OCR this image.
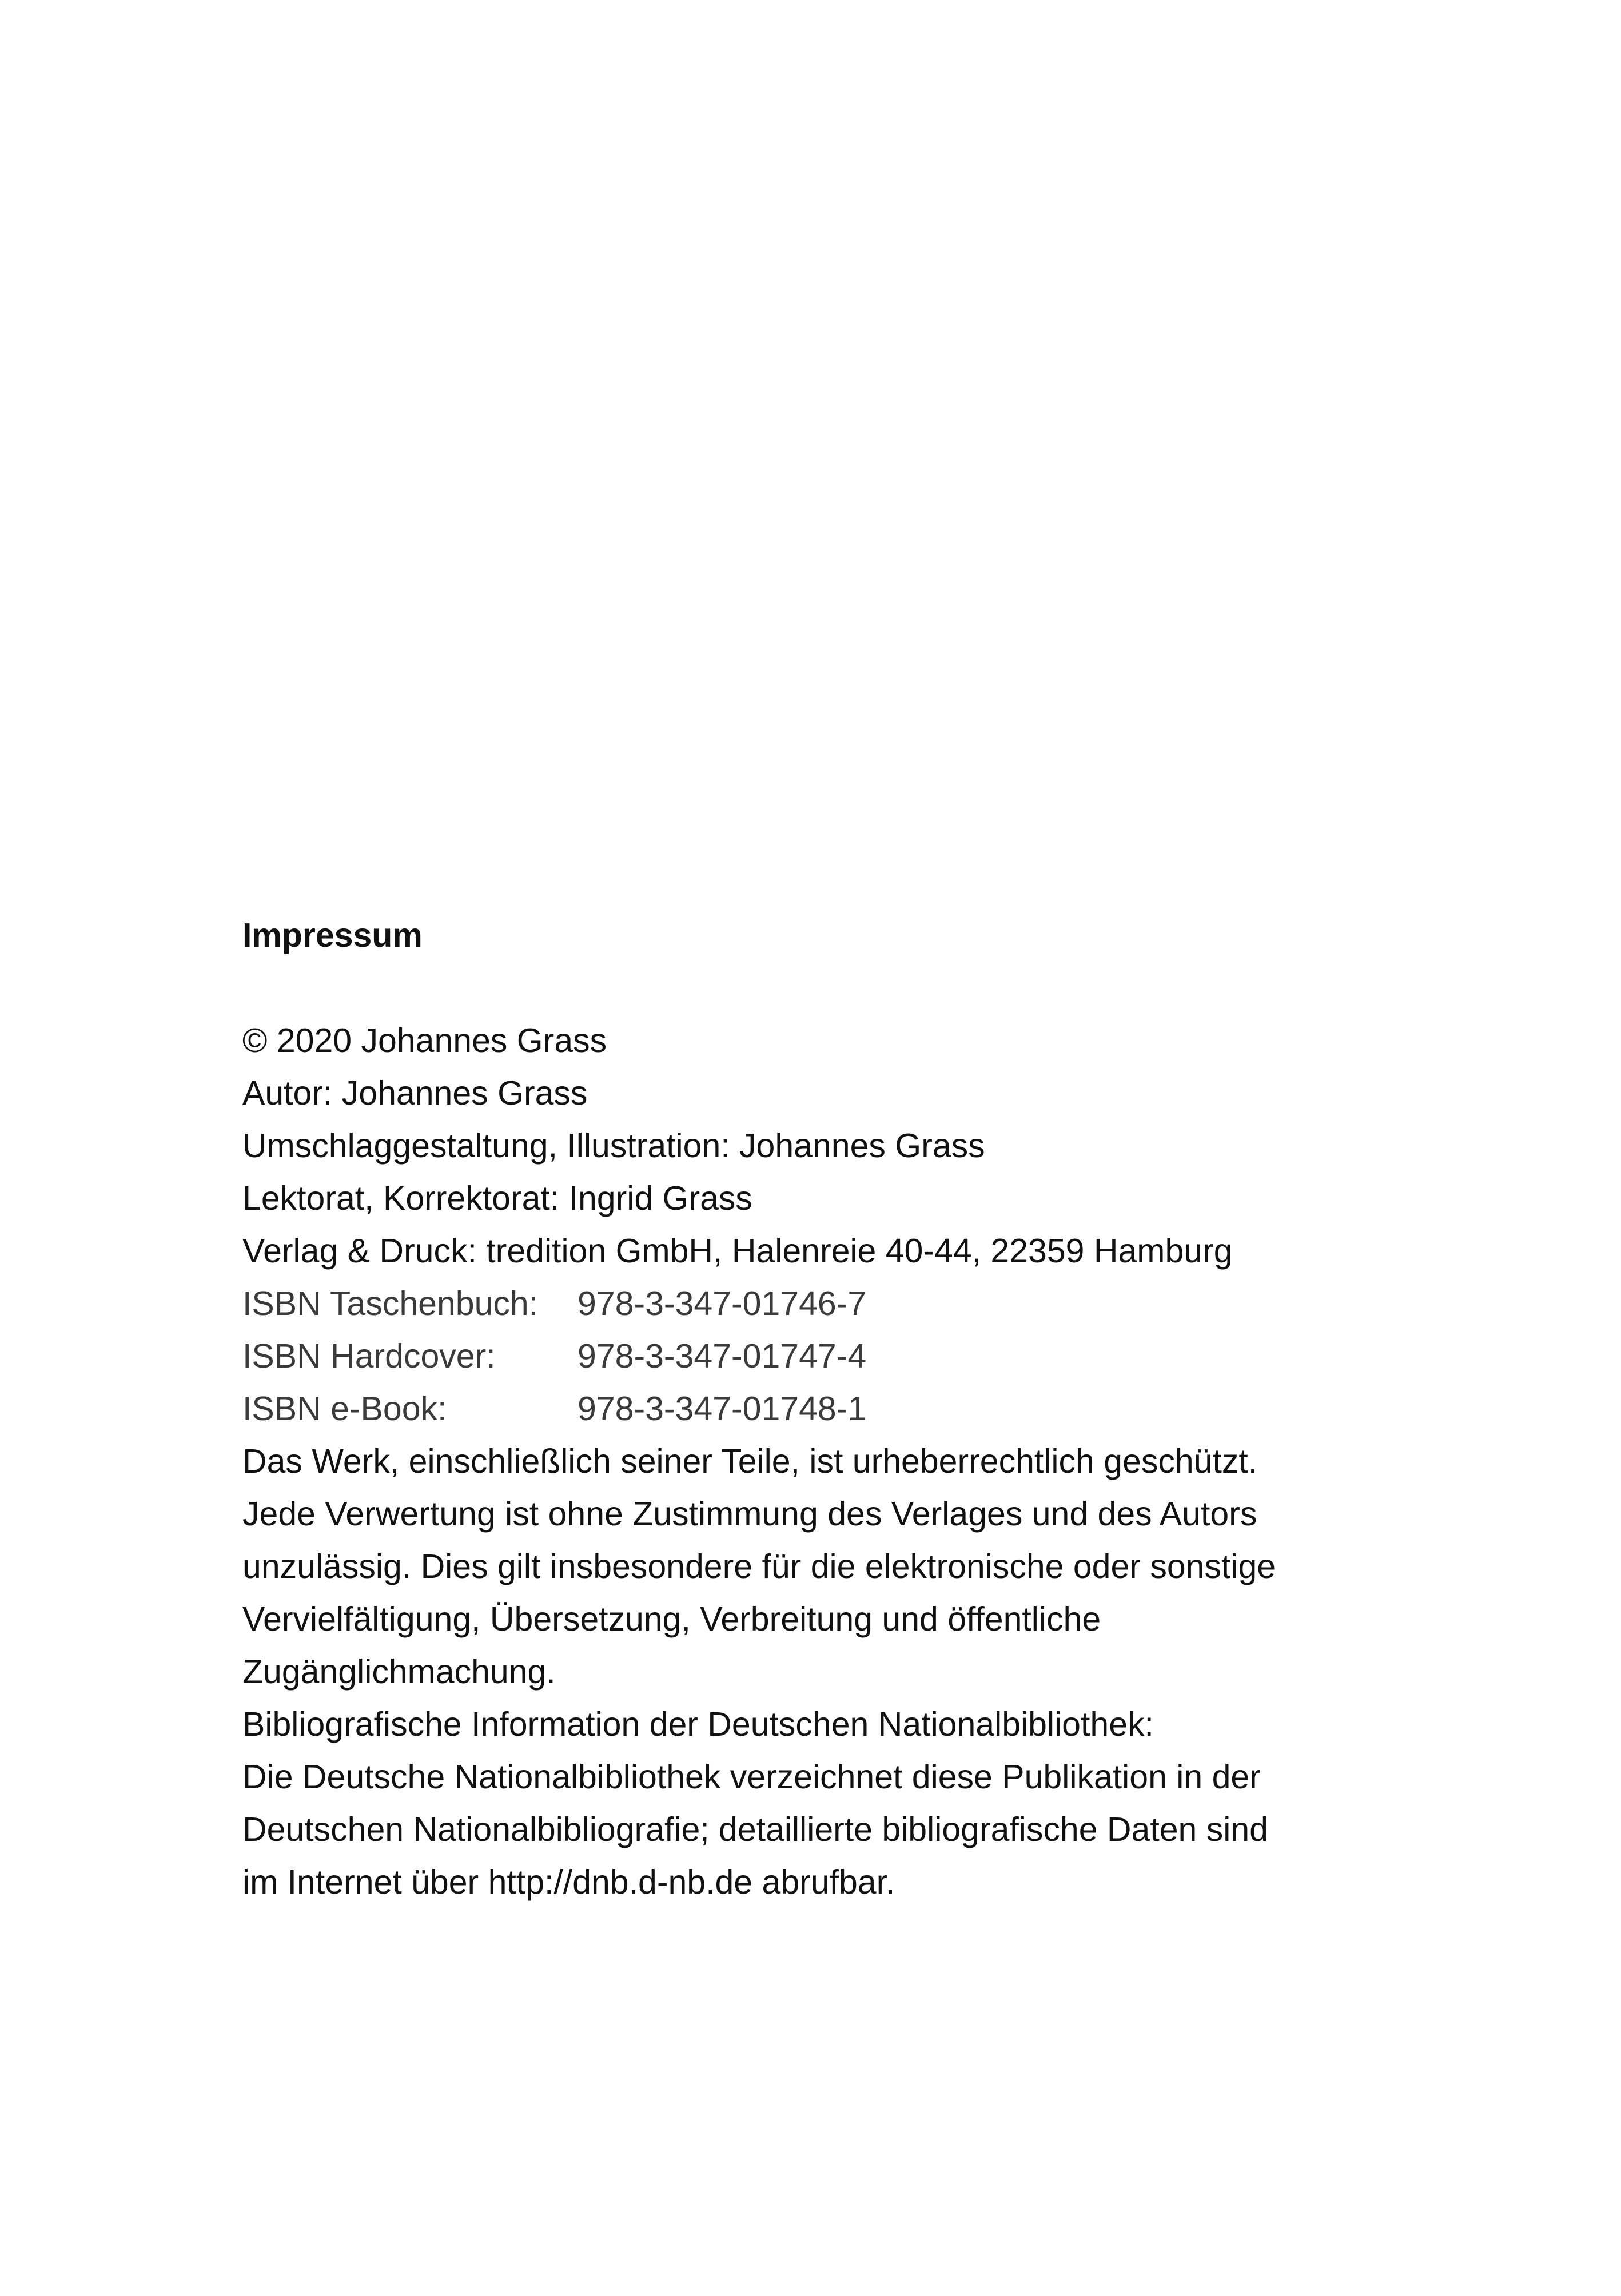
Impressum

© 2020 Johannes Grass

Autor: Johannes Grass

Umschlaggestaltung, Illustration: Johannes Grass

Lektorat, Korrektorat: Ingrid Grass

Verlag & Druck: tredition GmbH, Halenreie 40-44, 22359 Hamburg

ISBN Taschenbuch: 978-3-347-01746-7

ISBN Hardcover: 978-3-347-01747-4

ISBN e-Book:	978-3-347-01748-1

Das Werk, einschließlich seiner Teile, ist urheberrechtlich geschützt.

Jede Verwertung ist ohne Zustimmung des Verlages und des Autors

unzulässig. Dies gilt insbesondere für die elektronische oder sonstige

Vervielfältigung, Übersetzung, Verbreitung und öffentliche

Zugänglichmachung.

Bibliografische Information der Deutschen Nationalbibliothek:

Die Deutsche Nationalbibliothek verzeichnet diese Publikation in der

Deutschen Nationalbibliografie; detaillierte bibliografische Daten sind

im Internet über http://dnb.d-nb.de abrufbar.
